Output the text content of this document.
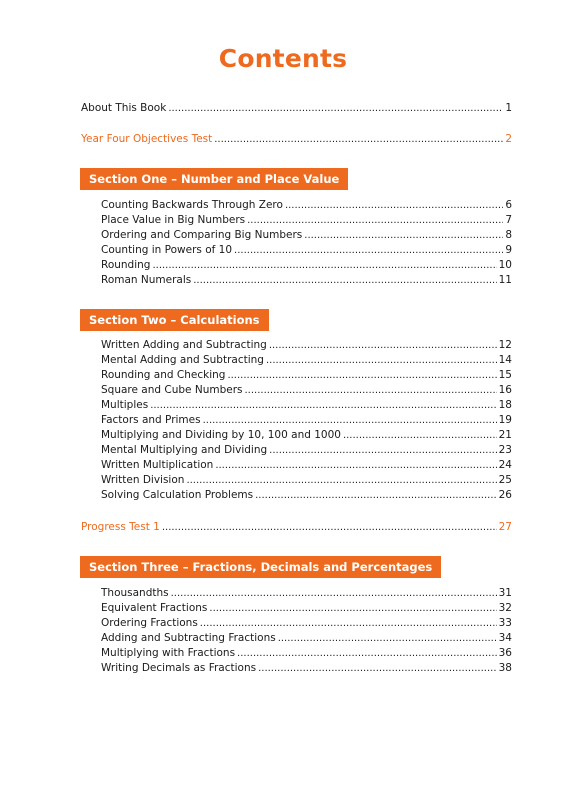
Contents
About This Book .....	1
Year Four Objectives Test .....	2
Section One – Number and Place Value
Counting Backwards Through Zero .....	6
Place Value in Big Numbers .....	7
Ordering and Comparing Big Numbers .....	8
Counting in Powers of 10 .....	9
Rounding .....	10
Roman Numerals .....	11
Section Two – Calculations
Written Adding and Subtracting .....	12
Mental Adding and Subtracting .....	14
Rounding and Checking .....	15
Square and Cube Numbers .....	16
Multiples .....	18
Factors and Primes .....	19
Multiplying and Dividing by 10, 100 and 1000 .....	21
Mental Multiplying and Dividing .....	23
Written Multiplication .....	24
Written Division .....	25
Solving Calculation Problems .....	26
Progress Test 1 .....	27
Section Three – Fractions, Decimals and Percentages
Thousandths .....	31
Equivalent Fractions .....	32
Ordering Fractions .....	33
Adding and Subtracting Fractions .....	34
Multiplying with Fractions .....	36
Writing Decimals as Fractions .....	38
